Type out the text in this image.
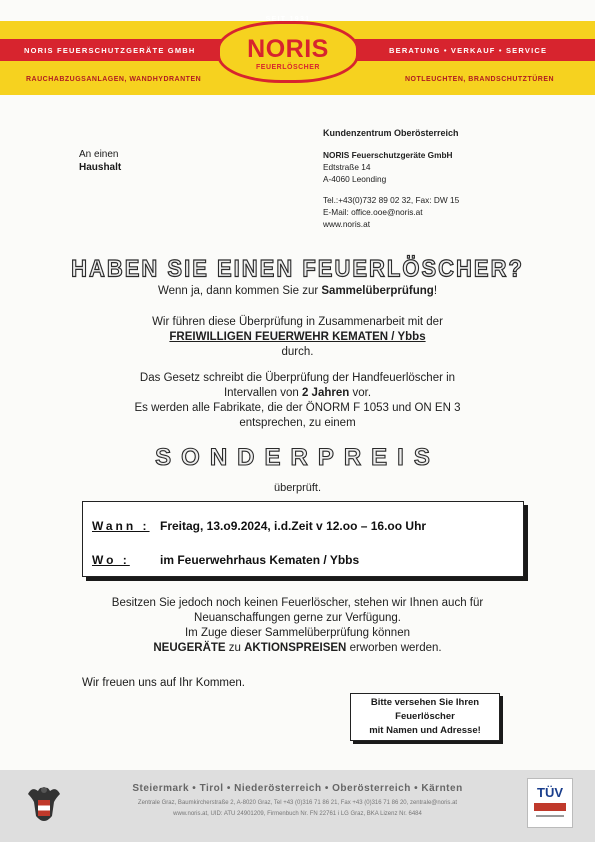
NORIS FEUERSCHUTZGERÄTE GMBH	BERATUNG • VERKAUF • SERVICE
RAUCHABZUGSANLAGEN, WANDHYDRANTEN	NOTLEUCHTEN, BRANDSCHUTZTÜREN
SEIT 1931
NORIS
FEUERLÖSCHER
An einen
Haushalt
Kundenzentrum Oberösterreich
NORIS Feuerschutzgeräte GmbH
Edtstraße 14
A-4060 Leonding
Tel.:+43(0)732 89 02 32, Fax: DW 15
E-Mail: office.ooe@noris.at
www.noris.at
HABEN SIE EINEN FEUERLÖSCHER?
Wenn ja, dann kommen Sie zur Sammelüberprüfung!
Wir führen diese Überprüfung in Zusammenarbeit mit der
FREIWILLIGEN FEUERWEHR KEMATEN / Ybbs
durch.
Das Gesetz schreibt die Überprüfung der Handfeuerlöscher in
Intervallen von 2 Jahren vor.
Es werden alle Fabrikate, die der ÖNORM F 1053 und ON EN 3
entsprechen, zu einem
SONDERPREIS
überprüft.
Wann : Freitag, 13.o9.2024, i.d.Zeit v 12.oo – 16.oo Uhr
Wo :	im Feuerwehrhaus Kematen / Ybbs
Besitzen Sie jedoch noch keinen Feuerlöscher, stehen wir Ihnen auch für
Neuanschaffungen gerne zur Verfügung.
Im Zuge dieser Sammelüberprüfung können
NEUGERÄTE zu AKTIONSPREISEN erworben werden.
Wir freuen uns auf Ihr Kommen.
Bitte versehen Sie Ihren
Feuerlöscher
mit Namen und Adresse!
Steiermark • Tirol • Niederösterreich • Oberösterreich • Kärnten
Zentrale Graz, Baumkircherstraße 2, A-8020 Graz, Tel +43 (0)316 71 86 21, Fax +43 (0)316 71 86 20, zentrale@noris.at
www.noris.at, UID: ATU 24901209, Firmenbuch Nr. FN 22761 i LG Graz, BKA Lizenz Nr. 6484
TÜV
